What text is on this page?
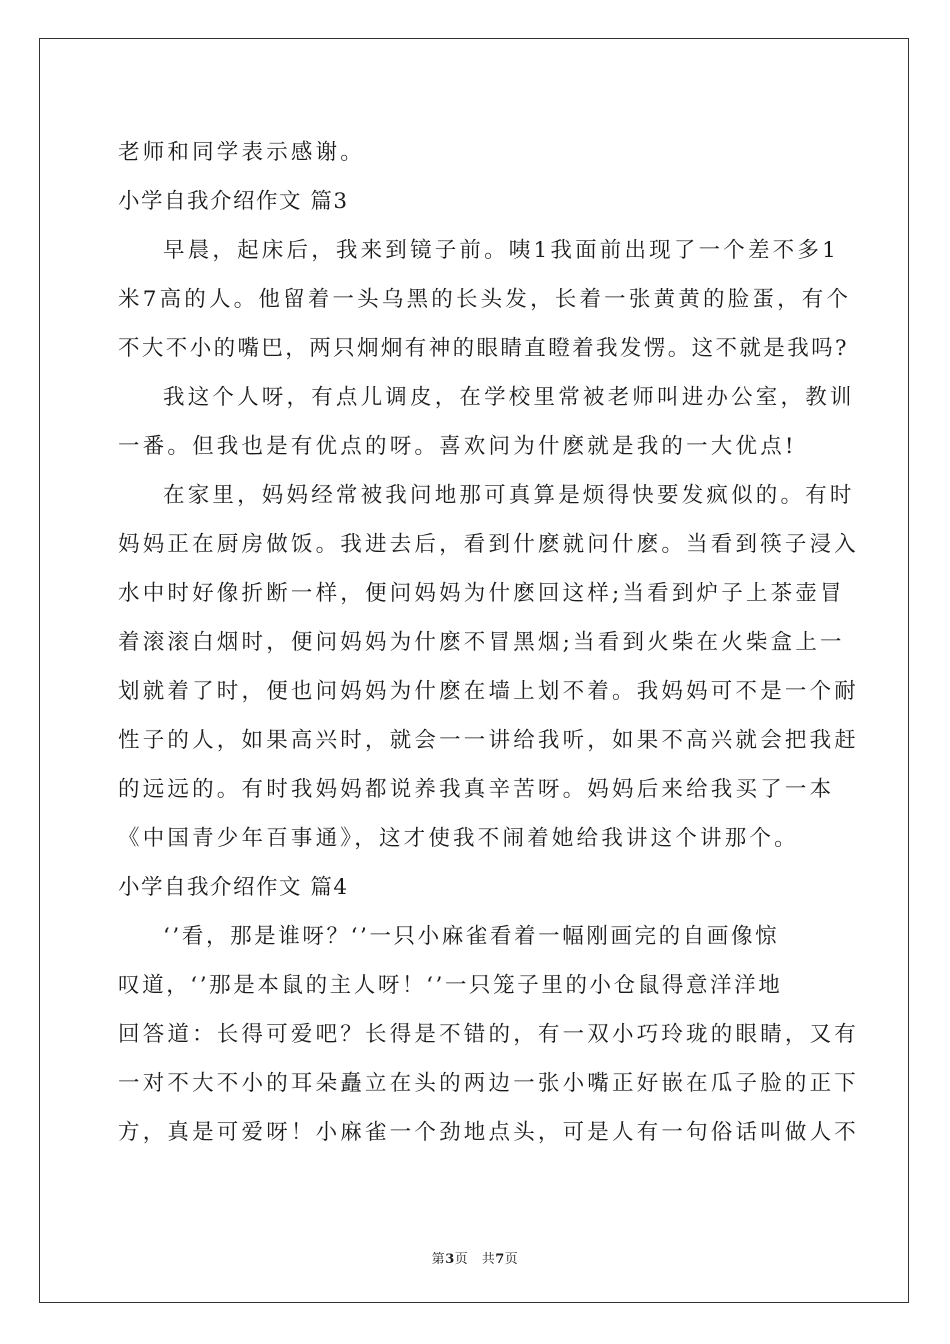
老师和同学表示感谢。
小学自我介绍作文 篇3
早晨，起床后，我来到镜子前。咦1我面前出现了一个差不多1
米7高的人。他留着一头乌黑的长头发，长着一张黄黄的脸蛋，有个
不大不小的嘴巴，两只炯炯有神的眼睛直瞪着我发愣。这不就是我吗?
我这个人呀，有点儿调皮，在学校里常被老师叫进办公室，教训
一番。但我也是有优点的呀。喜欢问为什麽就是我的一大优点!
在家里，妈妈经常被我问地那可真算是烦得快要发疯似的。有时
妈妈正在厨房做饭。我进去后，看到什麽就问什麽。当看到筷子浸入
水中时好像折断一样，便问妈妈为什麽回这样;当看到炉子上茶壶冒
着滚滚白烟时，便问妈妈为什麽不冒黑烟;当看到火柴在火柴盒上一
划就着了时，便也问妈妈为什麽在墙上划不着。我妈妈可不是一个耐
性子的人，如果高兴时，就会一一讲给我听，如果不高兴就会把我赶
的远远的。有时我妈妈都说养我真辛苦呀。妈妈后来给我买了一本
《中国青少年百事通》，这才使我不闹着她给我讲这个讲那个。
小学自我介绍作文 篇4
‘’看，那是谁呀？‘’一只小麻雀看着一幅刚画完的自画像惊
叹道，‘’那是本鼠的主人呀！‘’一只笼子里的小仓鼠得意洋洋地
回答道：长得可爱吧？长得是不错的，有一双小巧玲珑的眼睛，又有
一对不大不小的耳朵矗立在头的两边一张小嘴正好嵌在瓜子脸的正下
方，真是可爱呀！小麻雀一个劲地点头，可是人有一句俗话叫做人不
第3页　共7页
